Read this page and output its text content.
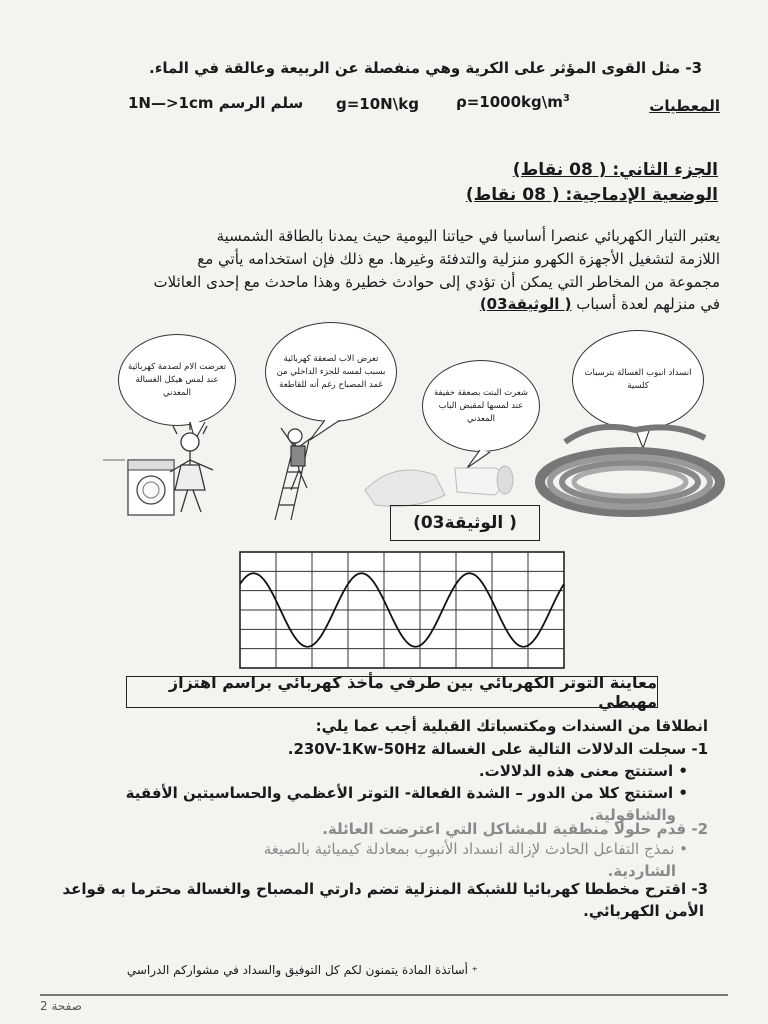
3- مثل القوى المؤثر على الكرية وهي منفصلة عن الربيعة وعالقة في الماء.
المعطيات
$\rho=1000kg\backslash m^3$
g=10N\kg
سلم الرسم 1N—>1cm
الجزء الثاني: ( 08 نقاط)
الوضعية الإدماجية: ( 08 نقاط)
يعتبر التيار الكهربائي عنصرا أساسيا في حياتنا اليومية حيث يمدنا بالطاقة الشمسية
اللازمة لتشغيل الأجهزة الكهرو منزلية والتدفئة وغيرها. مع ذلك فإن استخدامه يأتي مع
مجموعة من المخاطر التي يمكن أن تؤدي إلى حوادث خطيرة وهذا ماحدث مع إحدى العائلات
في منزلهم لعدة أسباب ( الوثيقة03)
تعرضت الام لصدمة كهربائية عند لمس هيكل الغسالة المعدني
تعرض الاب لصعقة كهربائية بسبب لمسه للجزء الداخلي من غمد المصباح رغم أنه للقاطعة
شعرت البنت بصعقة خفيفة عند لمسها لمقبض الباب المعدني
انسداد انبوب الغسالة بترسبات كلسية
( الوثيقة03)
معاينة التوتر الكهربائي بين طرفي مأخذ كهربائي براسم اهتزاز مهبطي
انطلاقا من السندات ومكتسباتك القبلية أجب عما يلي:
1- سجلت الدلالات التالية على الغسالة 230V-1Kw-50Hz.
• استنتج معنى هذه الدلالات.
• استنتج كلا من الدور – الشدة الفعالة- التوتر الأعظمي والحساسيتين الأفقية
والشاقولية.
2- قدم حلولا منطقية للمشاكل التي اعترضت العائلة.
• نمذج التفاعل الحادث لإزالة انسداد الأنبوب بمعادلة كيميائية بالصيغة
الشاردية.
3- اقترح مخططا كهربائيا للشبكة المنزلية تضم دارتي المصباح والغسالة محترما به قواعد
الأمن الكهربائي.
⁺
أساتذة المادة يتمنون لكم كل التوفيق والسداد في مشواركم الدراسي
صفحة 2
